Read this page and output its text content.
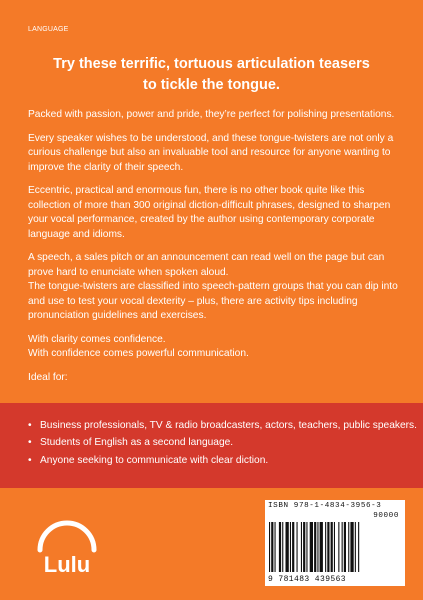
LANGUAGE
Try these terrific, tortuous articulation teasers
to tickle the tongue.

Packed with passion, power and pride, they’re perfect for polishing presentations.

Every speaker wishes to be understood, and these tongue-twisters are not only a curious challenge but also an invaluable tool and resource for anyone wanting to improve the clarity of their speech.

Eccentric, practical and enormous fun, there is no other book quite like this collection of more than 300 original diction-difficult phrases, designed to sharpen your vocal performance, created by the author using contemporary corporate language and idioms.

A speech, a sales pitch or an announcement can read well on the page but can prove hard to enunciate when spoken aloud.

The tongue-twisters are classified into speech-pattern groups that you can dip into and use to test your vocal dexterity – plus, there are activity tips including pronunciation guidelines and exercises.

With clarity comes confidence.

With confidence comes powerful communication.

Ideal for:

• Business professionals, TV & radio broadcasters, actors, teachers, public speakers.
• Students of English as a second language.
• Anyone seeking to communicate with clear diction.
Lulu
ISBN 978-1-4834-3956-3
90000
9 781483 439563
